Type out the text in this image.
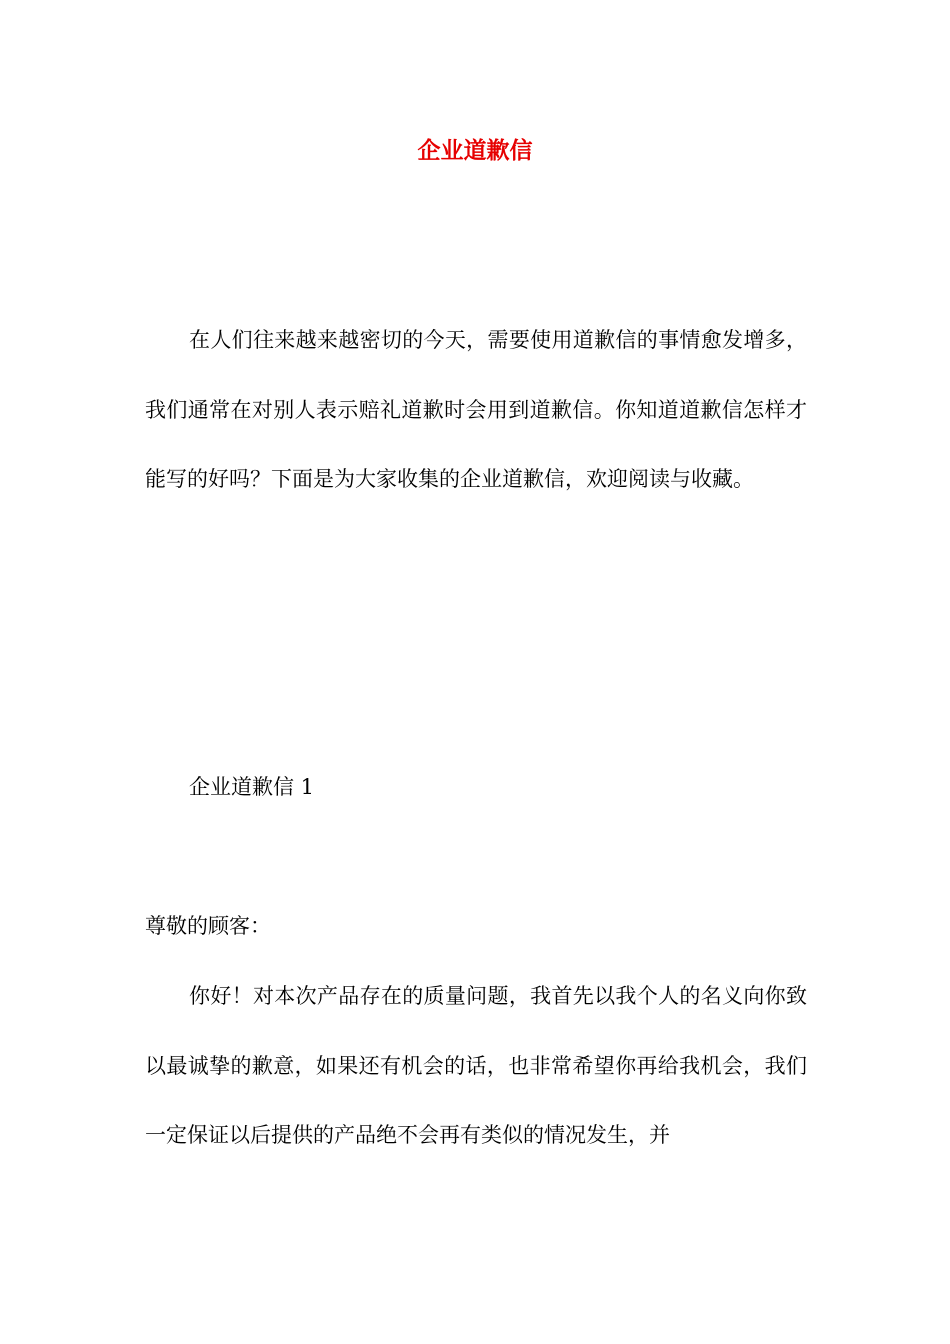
企业道歉信

在人们往来越来越密切的今天，需要使用道歉信的事情愈发增多，我们通常在对别人表示赔礼道歉时会用到道歉信。你知道道歉信怎样才能写的好吗？下面是为大家收集的企业道歉信，欢迎阅读与收藏。

企业道歉信 1

尊敬的顾客：

你好！对本次产品存在的质量问题，我首先以我个人的名义向你致以最诚挚的歉意，如果还有机会的话，也非常希望你再给我机会，我们一定保证以后提供的产品绝不会再有类似的情况发生，并
